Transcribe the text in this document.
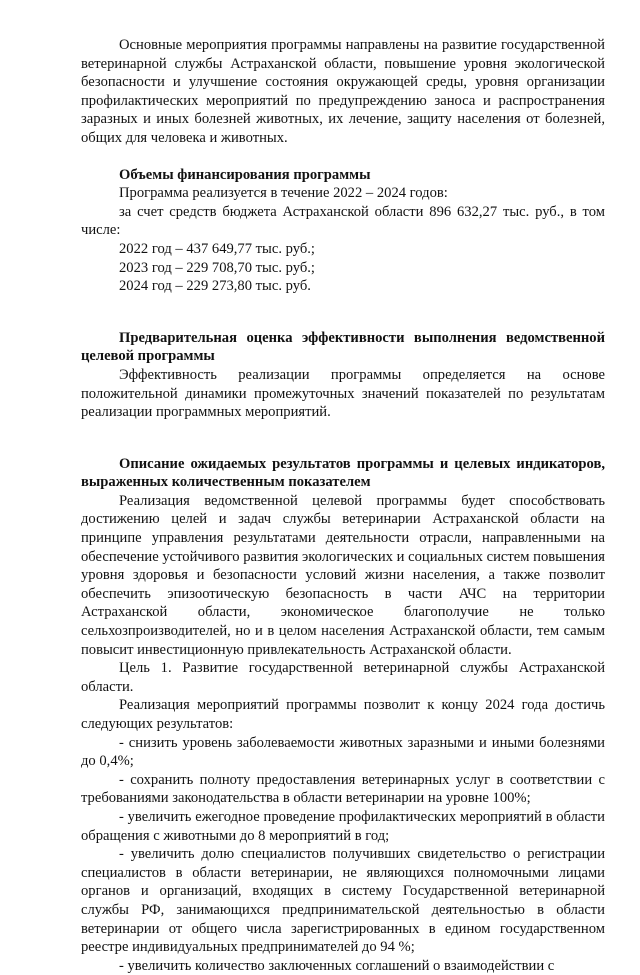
Основные мероприятия программы направлены на развитие государственной ветеринарной службы Астраханской области, повышение уровня экологической безопасности и улучшение состояния окружающей среды, уровня организации профилактических мероприятий по предупреждению заноса и распространения заразных и иных болезней животных, их лечение, защиту населения от болезней, общих для человека и животных.

Объемы финансирования программы

Программа реализуется в течение 2022 – 2024 годов:

за счет средств бюджета Астраханской области 896 632,27 тыс. руб., в том числе:

2022 год – 437 649,77 тыс. руб.;

2023 год – 229 708,70 тыс. руб.;

2024 год – 229 273,80 тыс. руб.

Предварительная оценка эффективности выполнения ведомственной целевой программы

Эффективность реализации программы определяется на основе положительной динамики промежуточных значений показателей по результатам реализации программных мероприятий.

Описание ожидаемых результатов программы и целевых индикаторов, выраженных количественным показателем

Реализация ведомственной целевой программы будет способствовать достижению целей и задач службы ветеринарии Астраханской области на принципе управления результатами деятельности отрасли, направленными на обеспечение устойчивого развития экологических и социальных систем повышения уровня здоровья и безопасности условий жизни населения, а также позволит обеспечить эпизоотическую безопасность в части АЧС на территории Астраханской области, экономическое благополучие не только сельхозпроизводителей, но и в целом населения Астраханской области, тем самым повысит инвестиционную привлекательность Астраханской области.

Цель 1. Развитие государственной ветеринарной службы Астраханской области.

Реализация мероприятий программы позволит к концу 2024 года достичь следующих результатов:

- снизить уровень заболеваемости животных заразными и иными болезнями до 0,4%;

- сохранить полноту предоставления ветеринарных услуг в соответствии с требованиями законодательства в области ветеринарии на уровне 100%;

- увеличить ежегодное проведение профилактических мероприятий в области обращения с животными до 8 мероприятий в год;

- увеличить долю специалистов получивших свидетельство о регистрации специалистов в области ветеринарии, не являющихся полномочными лицами органов и организаций, входящих в систему Государственной ветеринарной службы РФ, занимающихся предпринимательской деятельностью в области ветеринарии от общего числа зарегистрированных в едином государственном реестре индивидуальных предпринимателей до 94 %;

- увеличить количество заключенных соглашений о взаимодействии с
